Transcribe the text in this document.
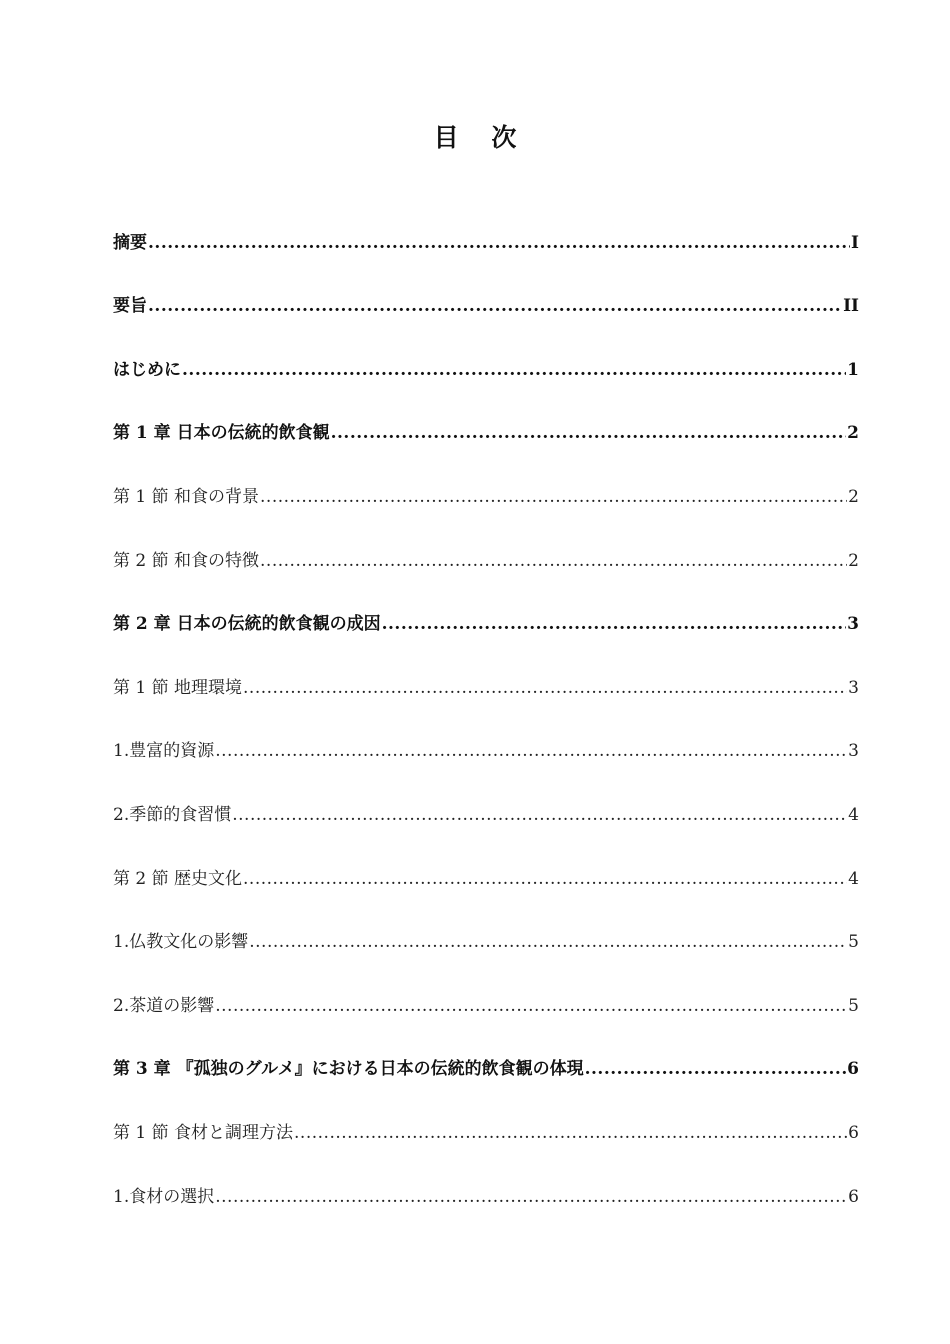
目 次
摘要 .....	I
要旨 .....	II
はじめに .....	1
第 1 章 日本の伝統的飲食観 .....	2
第 1 節 和食の背景 .....	2
第 2 節 和食の特徴 .....	2
第 2 章 日本の伝統的飲食観の成因 .....	3
第 1 節 地理環境 .....	3
1.豊富的資源 .....	3
2.季節的食習慣 .....	4
第 2 節 歴史文化 .....	4
1.仏教文化の影響 .....	5
2.茶道の影響 .....	5
第 3 章 『孤独のグルメ』における日本の伝統的飲食観の体現 .....	6
第 1 節 食材と調理方法 .....	6
1.食材の選択 .....	6
